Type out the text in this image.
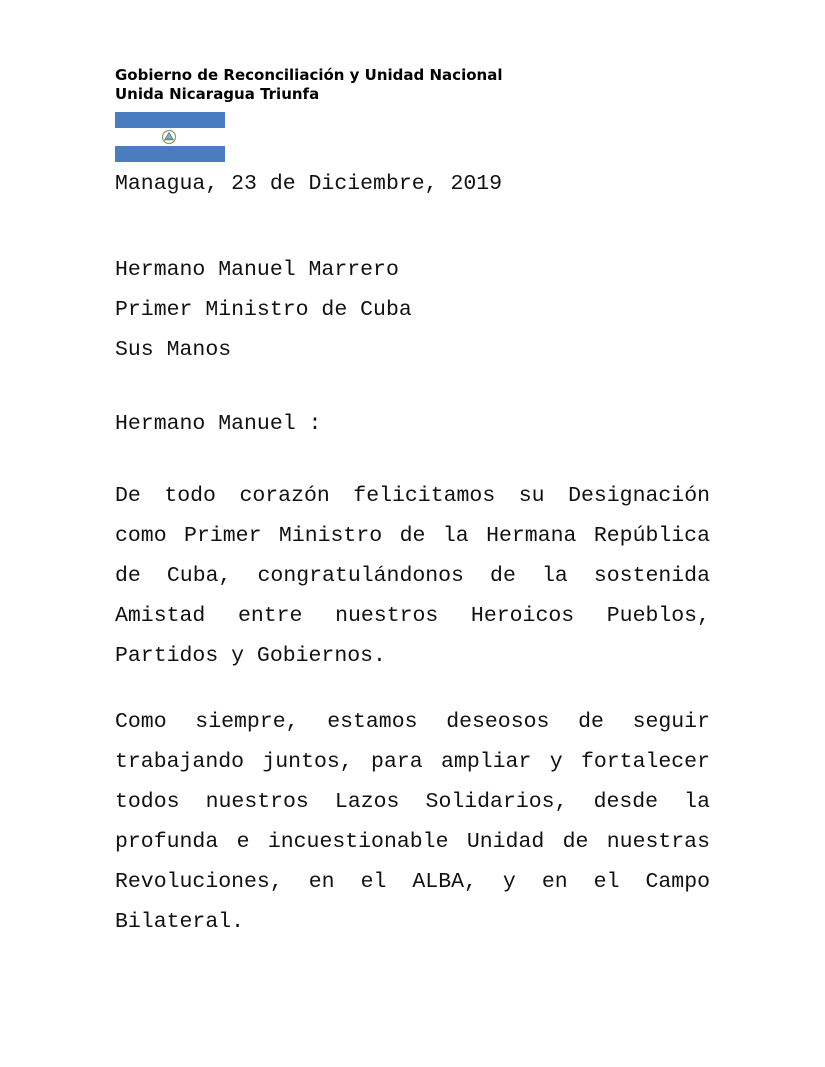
Gobierno de Reconciliación y Unidad Nacional

Unida Nicaragua Triunfa

Managua, 23 de Diciembre, 2019
Hermano Manuel Marrero
Primer Ministro de Cuba
Sus Manos
Hermano Manuel :

De todo corazón felicitamos su Designación como Primer Ministro de la Hermana República de Cuba, congratulándonos de la sostenida Amistad entre nuestros Heroicos Pueblos, Partidos y Gobiernos.

Como siempre, estamos deseosos de seguir trabajando juntos, para ampliar y fortalecer todos nuestros Lazos Solidarios, desde la profunda e incuestionable Unidad de nuestras Revoluciones, en el ALBA, y en el Campo Bilateral.
